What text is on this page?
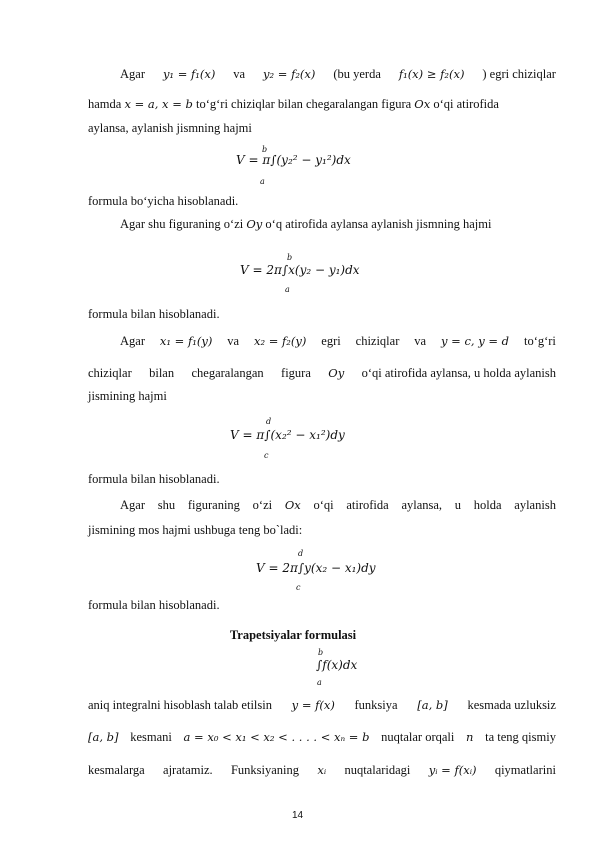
Agar y₁ = f₁(x) va y₂ = f₂(x) (bu yerda f₁(x) ≥ f₂(x) ) egri chiziqlar
hamda x = a, x = b to‘g‘ri chiziqlar bilan chegaralangan figura Ox o‘qi atirofida
aylansa, aylanish jismning hajmi
V = π∫(y₂² − y₁²)dx
b
a
formula bo‘yicha hisoblanadi.
Agar shu figuraning o‘zi Oy o‘q atirofida aylansa aylanish jismning hajmi
V = 2π∫x(y₂ − y₁)dx
b
a
formula bilan hisoblanadi.
Agar x₁ = f₁(y) va x₂ = f₂(y) egri chiziqlar va y = c, y = d to‘g‘ri
chiziqlar bilan chegaralangan figura Oy o‘qi atirofida aylansa, u holda aylanish
jismining hajmi
V = π∫(x₂² − x₁²)dy
d
c
formula bilan hisoblanadi.
Agar shu figuraning o‘zi Ox o‘qi atirofida aylansa, u holda aylanish
jismining mos hajmi ushbuga teng bo`ladi:
V = 2π∫y(x₂ − x₁)dy
d
c
formula bilan hisoblanadi.
Trapetsiyalar formulasi
∫f(x)dx
b
a
aniq integralni hisoblash talab etilsin y = f(x) funksiya [a, b] kesmada uzluksiz
[a, b] kesmani a = x₀ < x₁ < x₂ < . . . . < xₙ = b nuqtalar orqali n ta teng qismiy
kesmalarga ajratamiz. Funksiyaning xᵢ nuqtalaridagi yᵢ = f(xᵢ) qiymatlarini
14
